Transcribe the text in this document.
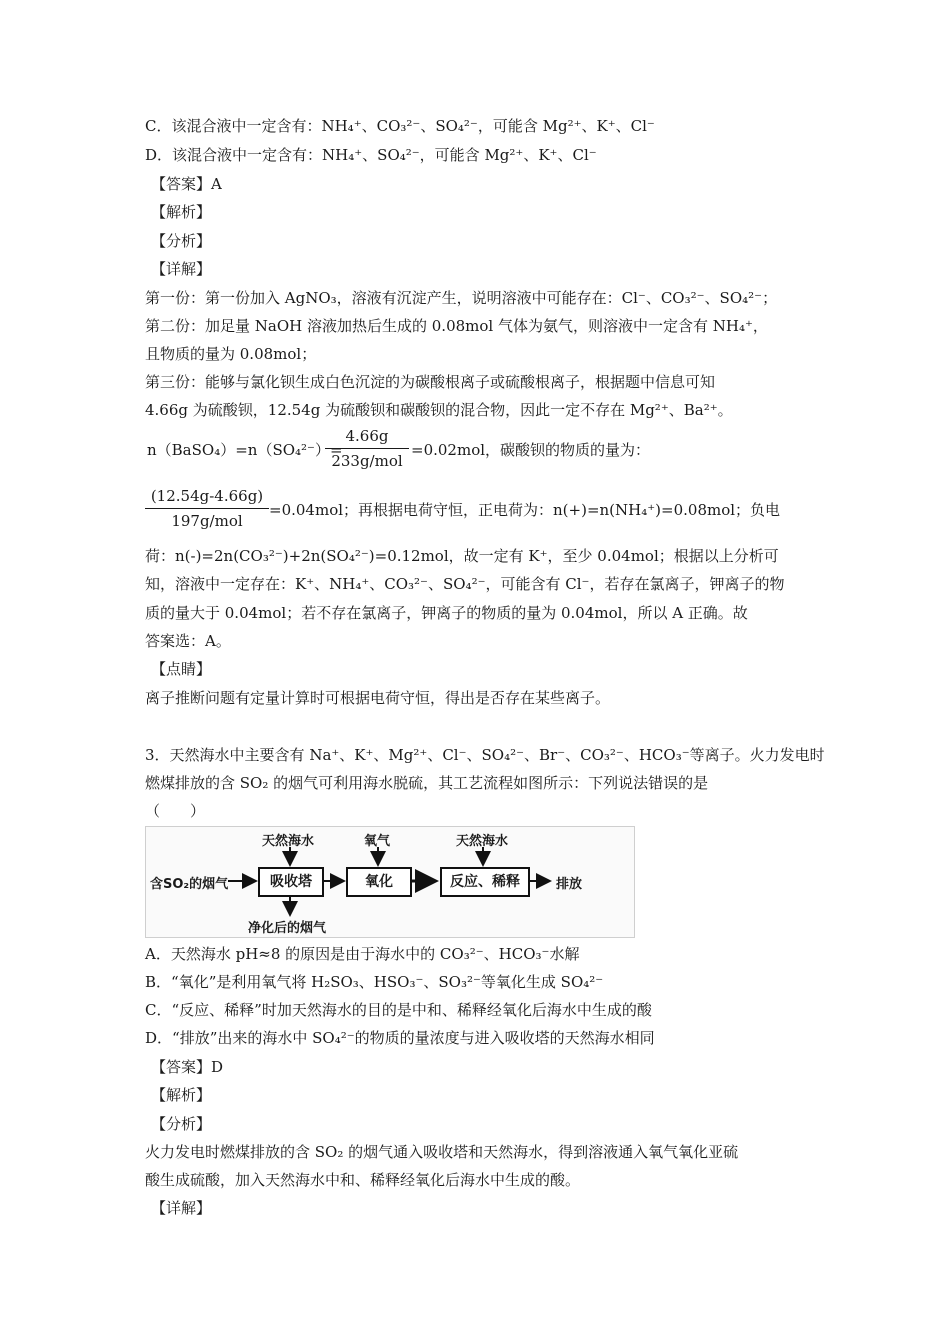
C．该混合液中一定含有：NH₄⁺、CO₃²⁻、SO₄²⁻，可能含 Mg²⁺、K⁺、Cl⁻
D．该混合液中一定含有：NH₄⁺、SO₄²⁻，可能含 Mg²⁺、K⁺、Cl⁻
【答案】A
【解析】
【分析】
【详解】
第一份：第一份加入 AgNO₃，溶液有沉淀产生，说明溶液中可能存在：Cl⁻、CO₃²⁻、SO₄²⁻；
第二份：加足量 NaOH 溶液加热后生成的 0.08mol 气体为氨气，则溶液中一定含有 NH₄⁺，
且物质的量为 0.08mol；
第三份：能够与氯化钡生成白色沉淀的为碳酸根离子或硫酸根离子，根据题中信息可知
4.66g 为硫酸钡，12.54g 为硫酸钡和碳酸钡的混合物，因此一定不存在 Mg²⁺、Ba²⁺。
n（BaSO₄）=n（SO₄²⁻）=
4.66g
233g/mol
=0.02mol，碳酸钡的物质的量为：
(12.54g-4.66g)
197g/mol
=0.04mol；再根据电荷守恒，正电荷为：n(+)=n(NH₄⁺)=0.08mol；负电
荷：n(-)=2n(CO₃²⁻)+2n(SO₄²⁻)=0.12mol，故一定有 K⁺，至少 0.04mol；根据以上分析可
知，溶液中一定存在：K⁺、NH₄⁺、CO₃²⁻、SO₄²⁻，可能含有 Cl⁻，若存在氯离子，钾离子的物
质的量大于 0.04mol；若不存在氯离子，钾离子的物质的量为 0.04mol，所以 A 正确。故
答案选：A。
【点睛】
离子推断问题有定量计算时可根据电荷守恒，得出是否存在某些离子。
3．天然海水中主要含有 Na⁺、K⁺、Mg²⁺、Cl⁻、SO₄²⁻、Br⁻、CO₃²⁻、HCO₃⁻等离子。火力发电时
燃煤排放的含 SO₂ 的烟气可利用海水脱硫，其工艺流程如图所示：下列说法错误的是
（　　）
吸收塔	氧化	反应、稀释
含SO₂的烟气	排放
天然海水	氧气	天然海水
净化后的烟气
A．天然海水 pH≈8 的原因是由于海水中的 CO₃²⁻、HCO₃⁻水解
B．“氧化”是利用氧气将 H₂SO₃、HSO₃⁻、SO₃²⁻等氧化生成 SO₄²⁻
C．“反应、稀释”时加天然海水的目的是中和、稀释经氧化后海水中生成的酸
D．“排放”出来的海水中 SO₄²⁻的物质的量浓度与进入吸收塔的天然海水相同
【答案】D
【解析】
【分析】
火力发电时燃煤排放的含 SO₂ 的烟气通入吸收塔和天然海水，得到溶液通入氧气氧化亚硫
酸生成硫酸，加入天然海水中和、稀释经氧化后海水中生成的酸。
【详解】
